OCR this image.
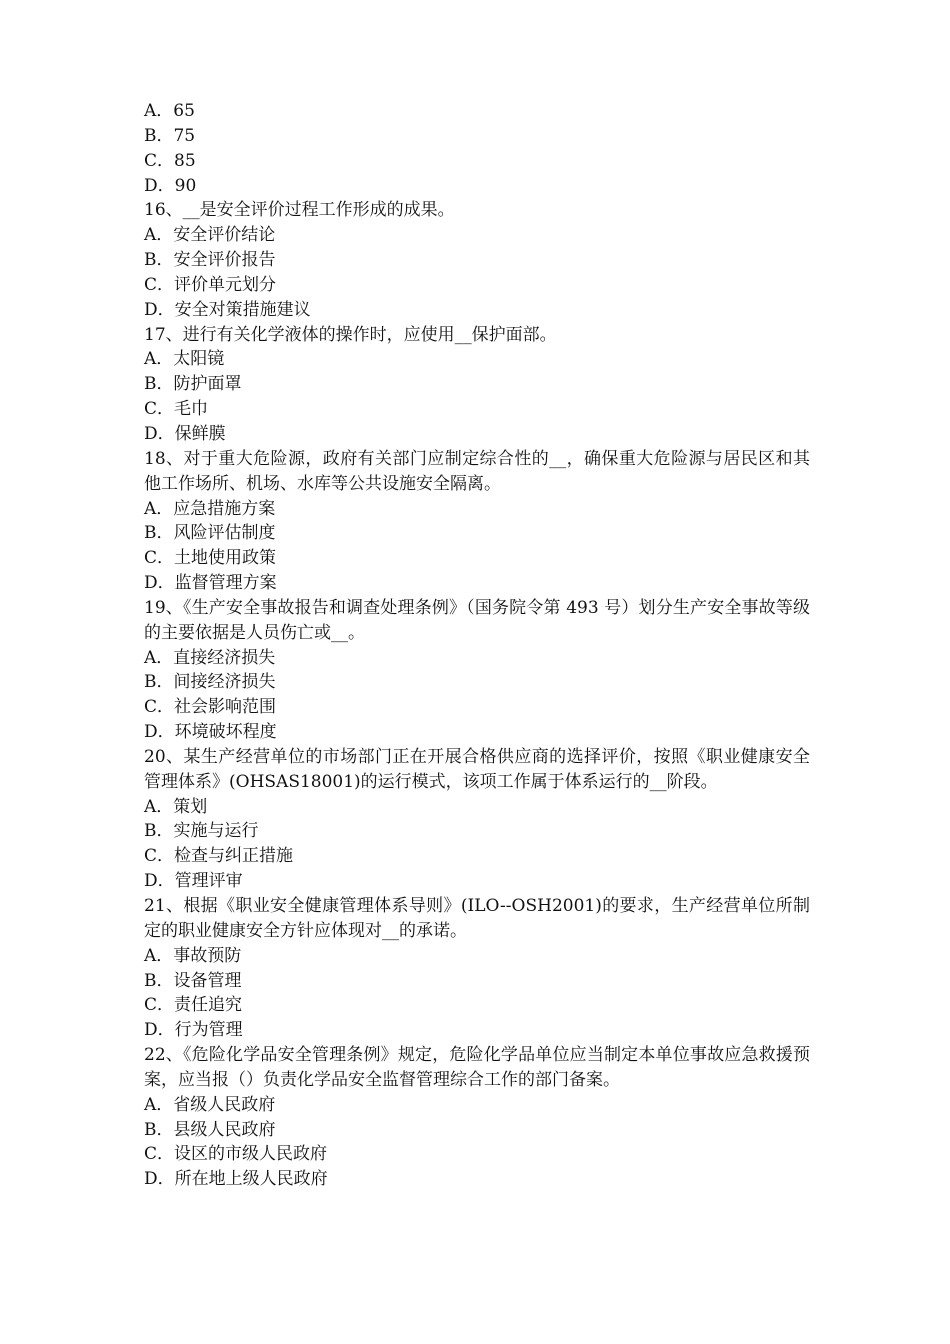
A．65
B．75
C．85
D．90
16、__是安全评价过程工作形成的成果。
A．安全评价结论
B．安全评价报告
C．评价单元划分
D．安全对策措施建议
17、进行有关化学液体的操作时，应使用__保护面部。
A．太阳镜
B．防护面罩
C．毛巾
D．保鲜膜
18、对于重大危险源，政府有关部门应制定综合性的__，确保重大危险源与居民区和其他工作场所、机场、水库等公共设施安全隔离。
A．应急措施方案
B．风险评估制度
C．土地使用政策
D．监督管理方案
19、《生产安全事故报告和调查处理条例》（国务院令第 493 号）划分生产安全事故等级的主要依据是人员伤亡或__。
A．直接经济损失
B．间接经济损失
C．社会影响范围
D．环境破坏程度
20、某生产经营单位的市场部门正在开展合格供应商的选择评价，按照《职业健康安全管理体系》(OHSAS18001)的运行模式，该项工作属于体系运行的__阶段。
A．策划
B．实施与运行
C．检查与纠正措施
D．管理评审
21、根据《职业安全健康管理体系导则》(ILO--OSH2001)的要求，生产经营单位所制定的职业健康安全方针应体现对__的承诺。
A．事故预防
B．设备管理
C．责任追究
D．行为管理
22、《危险化学品安全管理条例》规定，危险化学品单位应当制定本单位事故应急救援预案，应当报（）负责化学品安全监督管理综合工作的部门备案。
A．省级人民政府
B．县级人民政府
C．设区的市级人民政府
D．所在地上级人民政府
